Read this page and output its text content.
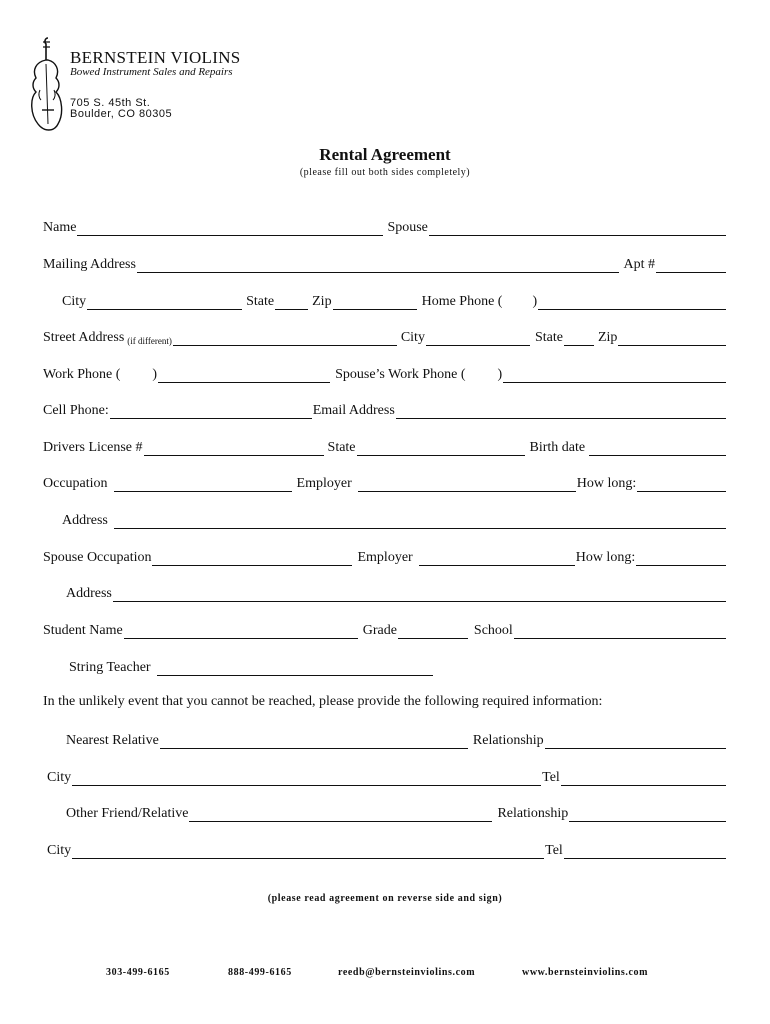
BERNSTEIN VIOLINS
Bowed Instrument Sales and Repairs
705 S. 45th St.
Boulder, CO 80305
Rental Agreement
(please fill out both sides completely)
Name	Spouse
Mailing Address	Apt #
City	State	Zip	Home Phone ( )
Street Address (if different)	City	State	Zip
Work Phone ( )	Spouse’s Work Phone ( )
Cell Phone:	Email Address
Drivers License #	State	Birth date
Occupation	Employer	How long:
Address
Spouse Occupation	Employer	How long:
Address
Student Name	Grade	School
String Teacher
In the unlikely event that you cannot be reached, please provide the following required information:
Nearest Relative	Relationship
City	Tel
Other Friend/Relative	Relationship
City	Tel
(please read agreement on reverse side and sign)
303-499-6165	888-499-6165	reedb@bernsteinviolins.com	www.bernsteinviolins.com
